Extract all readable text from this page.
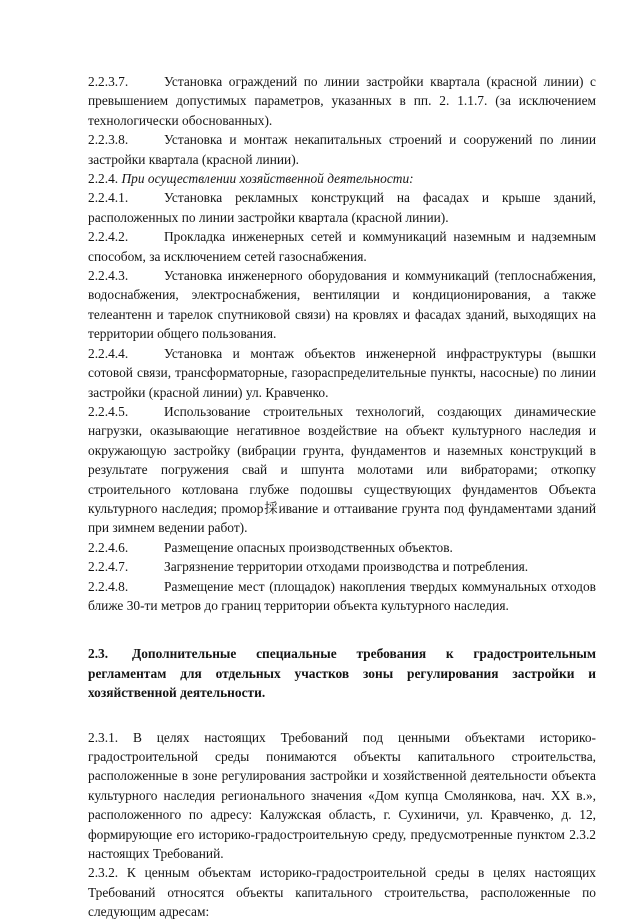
2.2.3.7.	Установка ограждений по линии застройки квартала (красной линии) с превышением допустимых параметров, указанных в пп. 2. 1.1.7. (за исключением технологически обоснованных).
2.2.3.8.	Установка и монтаж некапитальных строений и сооружений по линии застройки квартала (красной линии).
2.2.4. При осуществлении хозяйственной деятельности:
2.2.4.1.	Установка рекламных конструкций на фасадах и крыше зданий, расположенных по линии застройки квартала (красной линии).
2.2.4.2.	Прокладка инженерных сетей и коммуникаций наземным и надземным способом, за исключением сетей газоснабжения.
2.2.4.3.	Установка инженерного оборудования и коммуникаций (теплоснабжения, водоснабжения, электроснабжения, вентиляции и кондиционирования, а также телеантенн и тарелок спутниковой связи) на кровлях и фасадах зданий, выходящих на территории общего пользования.
2.2.4.4.	Установка и монтаж объектов инженерной инфраструктуры (вышки сотовой связи, трансформаторные, газораспределительные пункты, насосные) по линии застройки (красной линии) ул. Кравченко.
2.2.4.5.	Использование строительных технологий, создающих динамические нагрузки, оказывающие негативное воздействие на объект культурного наследия и окружающую застройку (вибрации грунта, фундаментов и наземных конструкций в результате погружения свай и шпунта молотами или вибраторами; откопку строительного котлована глубже подошвы существующих фундаментов Объекта культурного наследия; промор採ивание и оттаивание грунта под фундаментами зданий при зимнем ведении работ).
2.2.4.6.	Размещение опасных производственных объектов.
2.2.4.7.	Загрязнение территории отходами производства и потребления.
2.2.4.8.	Размещение мест (площадок) накопления твердых коммунальных отходов ближе 30-ти метров до границ территории объекта культурного наследия.
2.3. Дополнительные специальные требования к градостроительным регламентам для отдельных участков зоны регулирования застройки и хозяйственной деятельности.
2.3.1. В целях настоящих Требований под ценными объектами историко-градостроительной среды понимаются объекты капитального строительства, расположенные в зоне регулирования застройки и хозяйственной деятельности объекта культурного наследия регионального значения «Дом купца Смолянкова, нач. XX в.», расположенного по адресу: Калужская область, г. Сухиничи, ул. Кравченко, д. 12, формирующие его историко-градостроительную среду, предусмотренные пунктом 2.3.2 настоящих Требований.
2.3.2. К ценным объектам историко-градостроительной среды в целях настоящих Требований относятся объекты капитального строительства, расположенные по следующим адресам:
